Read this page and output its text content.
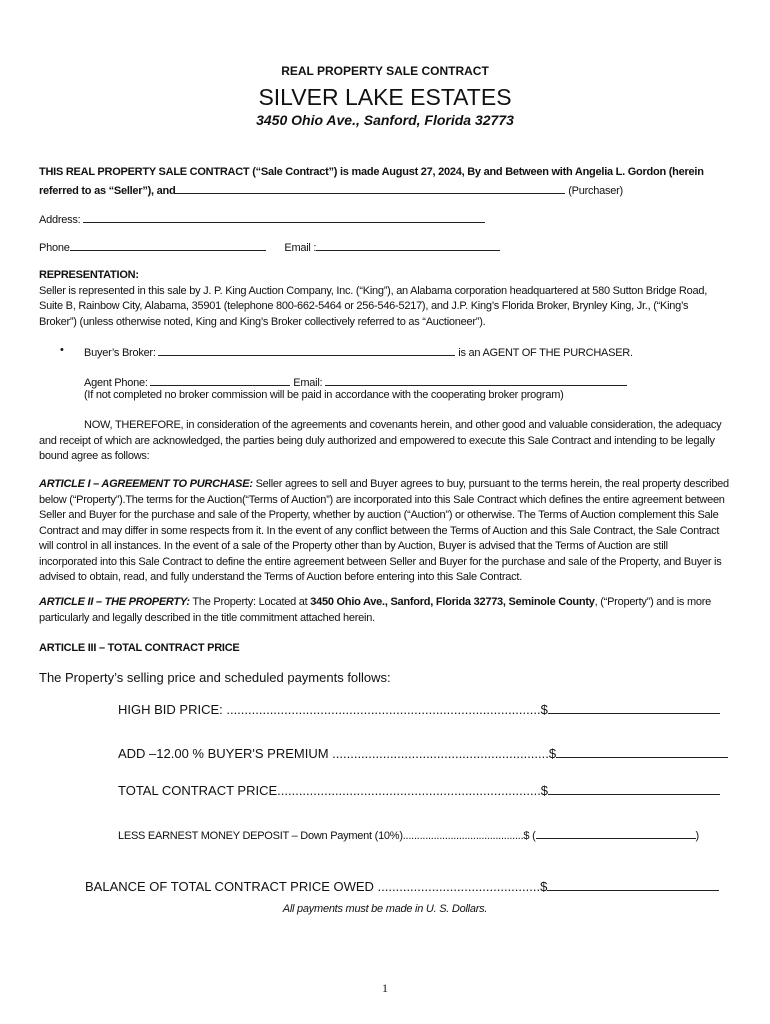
REAL PROPERTY SALE CONTRACT
SILVER LAKE ESTATES
3450 Ohio Ave., Sanford, Florida 32773
THIS REAL PROPERTY SALE CONTRACT (“Sale Contract”) is made August 27, 2024, By and Between with Angelia L. Gordon (herein
referred to as “Seller”), and	(Purchaser)
Address:
Phone	Email :
REPRESENTATION:
Seller is represented in this sale by J. P. King Auction Company, Inc. (“King”), an Alabama corporation headquartered at 580 Sutton Bridge Road,
Suite B, Rainbow City, Alabama, 35901 (telephone 800-662-5464 or 256-546-5217), and J.P. King’s Florida Broker, Brynley King, Jr., (“King’s
Broker”) (unless otherwise noted, King and King’s Broker collectively referred to as “Auctioneer”).
• Buyer’s Broker:	is an AGENT OF THE PURCHASER.
Agent Phone:	Email:
(If not completed no broker commission will be paid in accordance with the cooperating broker program)
NOW, THEREFORE, in consideration of the agreements and covenants herein, and other good and valuable consideration, the adequacy
and receipt of which are acknowledged, the parties being duly authorized and empowered to execute this Sale Contract and intending to be legally
bound agree as follows:
ARTICLE I – AGREEMENT TO PURCHASE: Seller agrees to sell and Buyer agrees to buy, pursuant to the terms herein, the real property described
below (“Property”).The terms for the Auction(“Terms of Auction”) are incorporated into this Sale Contract which defines the entire agreement between
Seller and Buyer for the purchase and sale of the Property, whether by auction (“Auction”) or otherwise. The Terms of Auction complement this Sale
Contract and may differ in some respects from it. In the event of any conflict between the Terms of Auction and this Sale Contract, the Sale Contract
will control in all instances. In the event of a sale of the Property other than by Auction, Buyer is advised that the Terms of Auction are still
incorporated into this Sale Contract to define the entire agreement between Seller and Buyer for the purchase and sale of the Property, and Buyer is
advised to obtain, read, and fully understand the Terms of Auction before entering into this Sale Contract.
ARTICLE II – THE PROPERTY: The Property: Located at 3450 Ohio Ave., Sanford, Florida 32773, Seminole County, (“Property”) and is more
particularly and legally described in the title commitment attached herein.
ARTICLE III – TOTAL CONTRACT PRICE
The Property’s selling price and scheduled payments follows:
HIGH BID PRICE: .......................................................................................$
ADD –12.00 % BUYER'S PREMIUM ............................................................$
TOTAL CONTRACT PRICE.........................................................................$
LESS EARNEST MONEY DEPOSIT – Down Payment (10%)...........................................$ (	)
BALANCE OF TOTAL CONTRACT PRICE OWED .............................................$
All payments must be made in U. S. Dollars.
1
